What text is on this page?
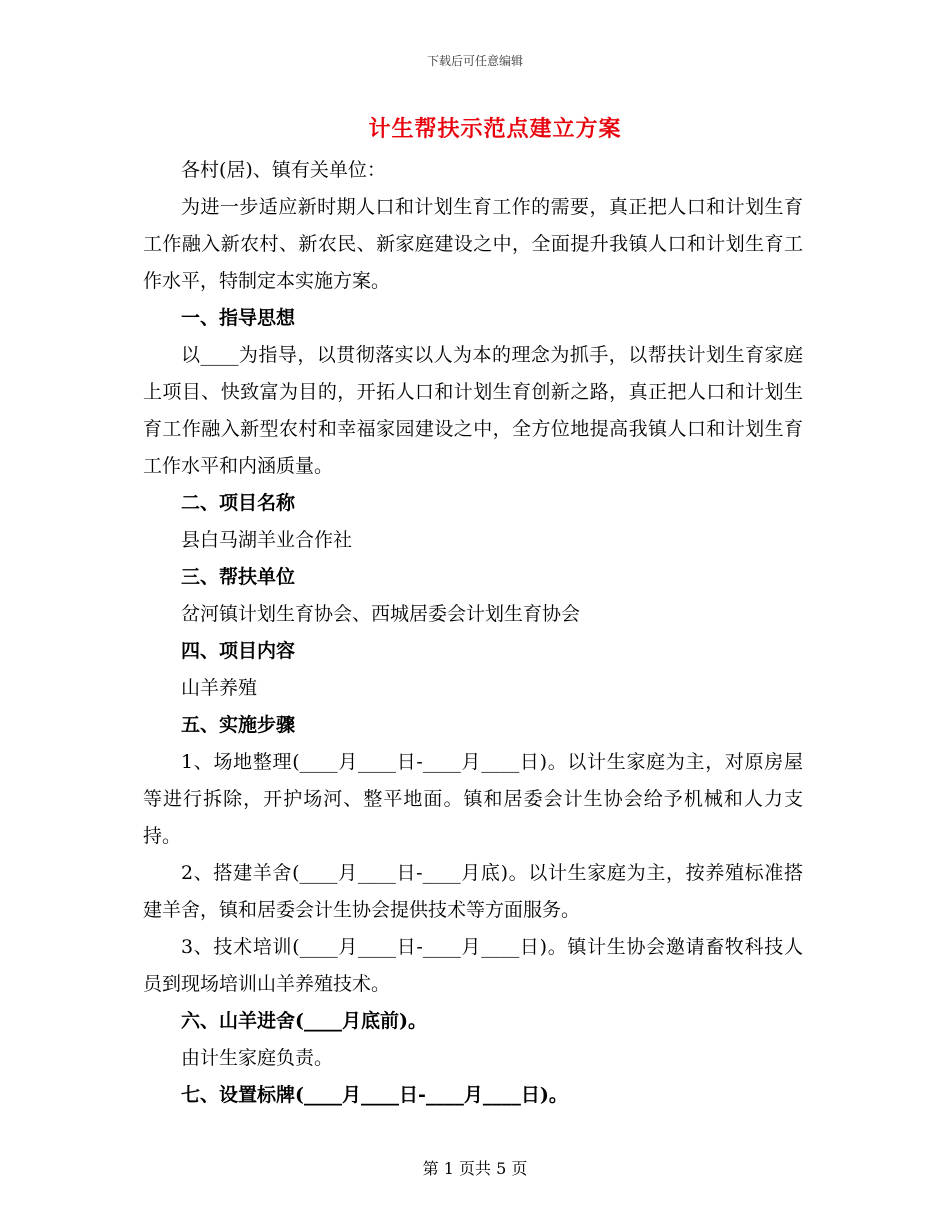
下载后可任意编辑
计生帮扶示范点建立方案

各村(居)、镇有关单位：

为进一步适应新时期人口和计划生育工作的需要，真正把人口和计划生育工作融入新农村、新农民、新家庭建设之中，全面提升我镇人口和计划生育工作水平，特制定本实施方案。

一、指导思想

以____为指导，以贯彻落实以人为本的理念为抓手，以帮扶计划生育家庭上项目、快致富为目的，开拓人口和计划生育创新之路，真正把人口和计划生育工作融入新型农村和幸福家园建设之中，全方位地提高我镇人口和计划生育工作水平和内涵质量。

二、项目名称

县白马湖羊业合作社

三、帮扶单位

岔河镇计划生育协会、西城居委会计划生育协会

四、项目内容

山羊养殖

五、实施步骤

1、场地整理(____月____日-____月____日)。以计生家庭为主，对原房屋等进行拆除，开护场河、整平地面。镇和居委会计生协会给予机械和人力支持。

2、搭建羊舍(____月____日-____月底)。以计生家庭为主，按养殖标准搭建羊舍，镇和居委会计生协会提供技术等方面服务。

3、技术培训(____月____日-____月____日)。镇计生协会邀请畜牧科技人员到现场培训山羊养殖技术。

六、山羊进舍(____月底前)。

由计生家庭负责。

七、设置标牌(____月____日-____月____日)。

第 1 页共 5 页
